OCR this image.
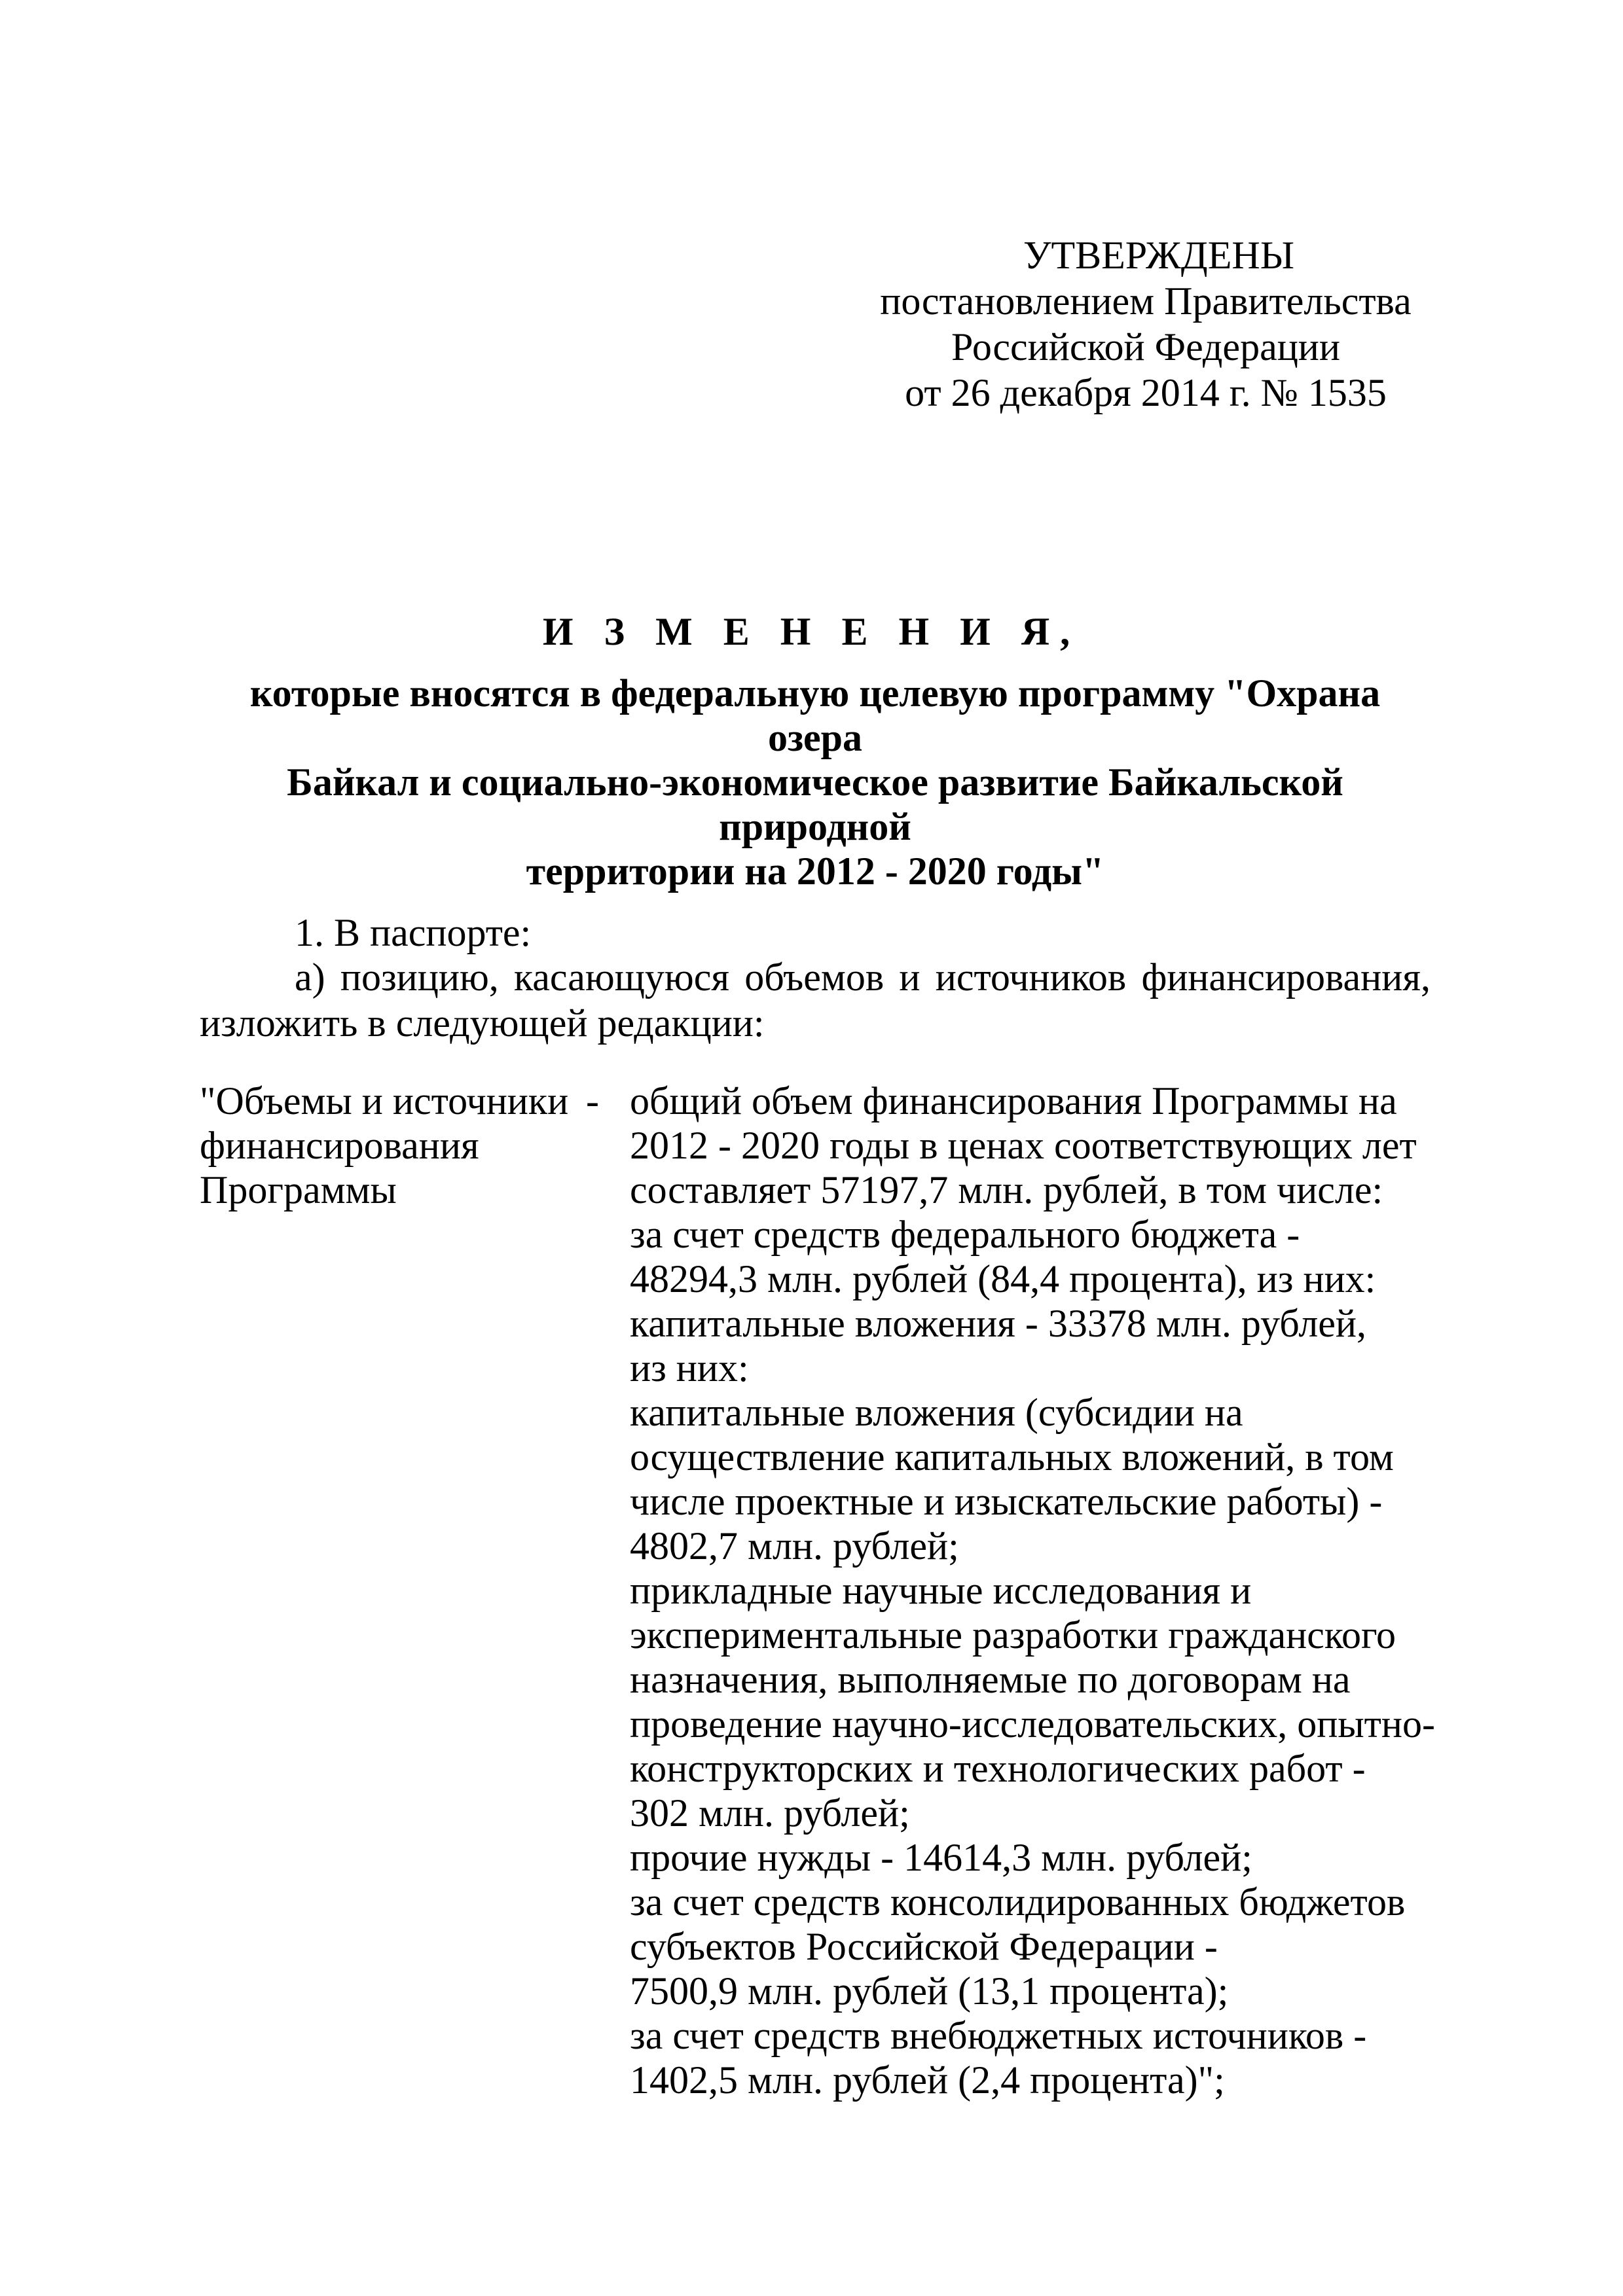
УТВЕРЖДЕНЫ
постановлением Правительства
Российской Федерации
от 26 декабря 2014 г. № 1535
И З М Е Н Е Н И Я,
которые вносятся в федеральную целевую программу "Охрана озера
Байкал и социально-экономическое развитие Байкальской природной
территории на 2012 - 2020 годы"
1. В паспорте:
а) позицию, касающуюся объемов и источников финансирования,
изложить в следующей редакции:
"Объемы и источники
финансирования
Программы
- общий объем финансирования Программы на
2012 - 2020 годы в ценах соответствующих лет
составляет 57197,7 млн. рублей, в том числе:
за счет средств федерального бюджета -
48294,3 млн. рублей (84,4 процента), из них:
капитальные вложения - 33378 млн. рублей,
из них:
капитальные вложения (субсидии на
осуществление капитальных вложений, в том
числе проектные и изыскательские работы) -
4802,7 млн. рублей;
прикладные научные исследования и
экспериментальные разработки гражданского
назначения, выполняемые по договорам на
проведение научно-исследовательских, опытно-
конструкторских и технологических работ -
302 млн. рублей;
прочие нужды - 14614,3 млн. рублей;
за счет средств консолидированных бюджетов
субъектов Российской Федерации -
7500,9 млн. рублей (13,1 процента);
за счет средств внебюджетных источников -
1402,5 млн. рублей (2,4 процента)";
